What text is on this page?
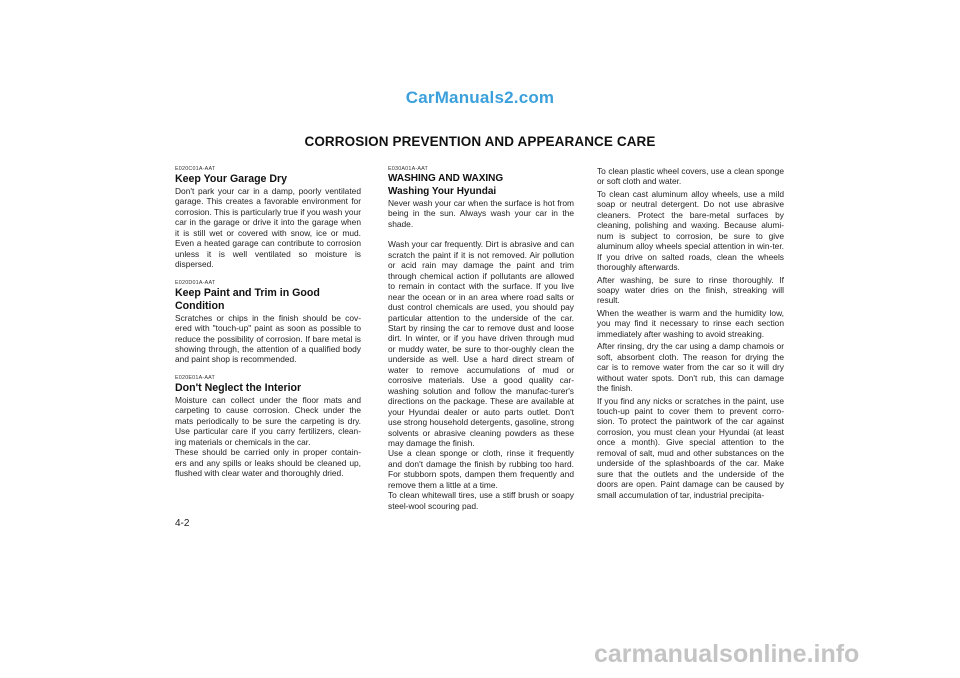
CarManuals2.com
CORROSION PREVENTION AND APPEARANCE CARE

E020C01A-AAT

Keep Your Garage Dry

Don't park your car in a damp, poorly ventilated garage. This creates a favorable environment for corrosion. This is particularly true if you wash your car in the garage or drive it into the garage when it is still wet or covered with snow, ice or mud. Even a heated garage can contribute to corrosion unless it is well ventilated so moisture is dispersed.

E020D01A-AAT

Keep Paint and Trim in Good Condition

Scratches or chips in the finish should be cov-ered with "touch-up" paint as soon as possible to reduce the possibility of corrosion. If bare metal is showing through, the attention of a qualified body and paint shop is recommended.

E020E01A-AAT

Don't Neglect the Interior

Moisture can collect under the floor mats and carpeting to cause corrosion. Check under the mats periodically to be sure the carpeting is dry. Use particular care if you carry fertilizers, clean-ing materials or chemicals in the car.

These should be carried only in proper contain-ers and any spills or leaks should be cleaned up, flushed with clear water and thoroughly dried.

E030A01A-AAT

WASHING AND WAXING

Washing Your Hyundai

Never wash your car when the surface is hot from being in the sun. Always wash your car in the shade.

Wash your car frequently. Dirt is abrasive and can scratch the paint if it is not removed. Air pollution or acid rain may damage the paint and trim through chemical action if pollutants are allowed to remain in contact with the surface. If you live near the ocean or in an area where road salts or dust control chemicals are used, you should pay particular attention to the underside of the car. Start by rinsing the car to remove dust and loose dirt. In winter, or if you have driven through mud or muddy water, be sure to thor-oughly clean the underside as well. Use a hard direct stream of water to remove accumulations of mud or corrosive materials. Use a good quality car-washing solution and follow the manufac-turer's directions on the package. These are available at your Hyundai dealer or auto parts outlet. Don't use strong household detergents, gasoline, strong solvents or abrasive cleaning powders as these may damage the finish.

Use a clean sponge or cloth, rinse it frequently and don't damage the finish by rubbing too hard. For stubborn spots, dampen them frequently and remove them a little at a time.

To clean whitewall tires, use a stiff brush or soapy steel-wool scouring pad.

To clean plastic wheel covers, use a clean sponge or soft cloth and water.

To clean cast aluminum alloy wheels, use a mild soap or neutral detergent. Do not use abrasive cleaners. Protect the bare-metal surfaces by cleaning, polishing and waxing. Because alumi-num is subject to corrosion, be sure to give aluminum alloy wheels special attention in win-ter. If you drive on salted roads, clean the wheels thoroughly afterwards.

After washing, be sure to rinse thoroughly. If soapy water dries on the finish, streaking will result.

When the weather is warm and the humidity low, you may find it necessary to rinse each section immediately after washing to avoid streaking.

After rinsing, dry the car using a damp chamois or soft, absorbent cloth. The reason for drying the car is to remove water from the car so it will dry without water spots. Don't rub, this can damage the finish.

If you find any nicks or scratches in the paint, use touch-up paint to cover them to prevent corro-sion. To protect the paintwork of the car against corrosion, you must clean your Hyundai (at least once a month). Give special attention to the removal of salt, mud and other substances on the underside of the splashboards of the car. Make sure that the outlets and the underside of the doors are open. Paint damage can be caused by small accumulation of tar, industrial precipita-

4-2
carmanualsonline.info
